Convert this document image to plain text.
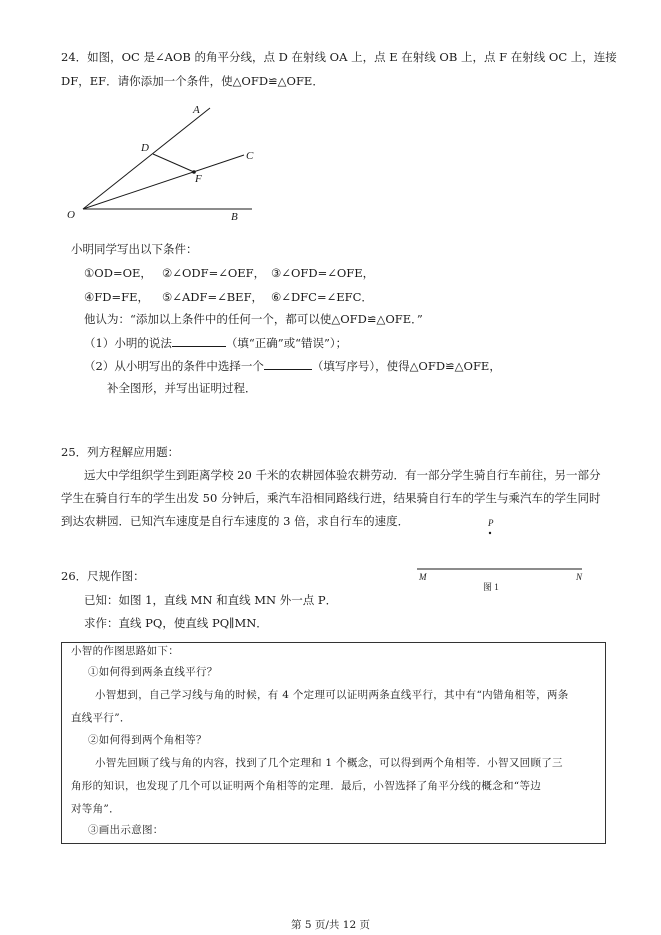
24．如图，OC 是∠AOB 的角平分线，点 D 在射线 OA 上，点 E 在射线 OB 上，点 F 在射线 OC 上，连接
DF，EF．请你添加一个条件，使△OFD≌△OFE．
A
C
D
F
O	B
小明同学写出以下条件：
①OD=OE， ②∠ODF=∠OEF， ③∠OFD=∠OFE，
④FD=FE， ⑤∠ADF=∠BEF， ⑥∠DFC=∠EFC．
他认为：“添加以上条件中的任何一个，都可以使△OFD≌△OFE．”
（1）小明的说法	（填“正确”或“错误”）；
（2）从小明写出的条件中选择一个	（填写序号），使得△OFD≌△OFE，
补全图形，并写出证明过程．
25．列方程解应用题：
远大中学组织学生到距离学校 20 千米的农耕园体验农耕劳动．有一部分学生骑自行车前往，另一部分
学生在骑自行车的学生出发 50 分钟后，乘汽车沿相同路线行进，结果骑自行车的学生与乘汽车的学生同时
到达农耕园．已知汽车速度是自行车速度的 3 倍，求自行车的速度．
26．尺规作图：
已知：如图 1，直线 MN 和直线 MN 外一点 P．
求作：直线 PQ，使直线 PQ∥MN．
P
M	N
图 1
小智的作图思路如下：
①如何得到两条直线平行？
小智想到，自己学习线与角的时候，有 4 个定理可以证明两条直线平行，其中有“内错角相等，两条
直线平行”．
②如何得到两个角相等？
小智先回顾了线与角的内容，找到了几个定理和 1 个概念，可以得到两个角相等．小智又回顾了三
角形的知识，也发现了几个可以证明两个角相等的定理．最后，小智选择了角平分线的概念和“等边
对等角”．
③画出示意图：
第 5 页/共 12 页
